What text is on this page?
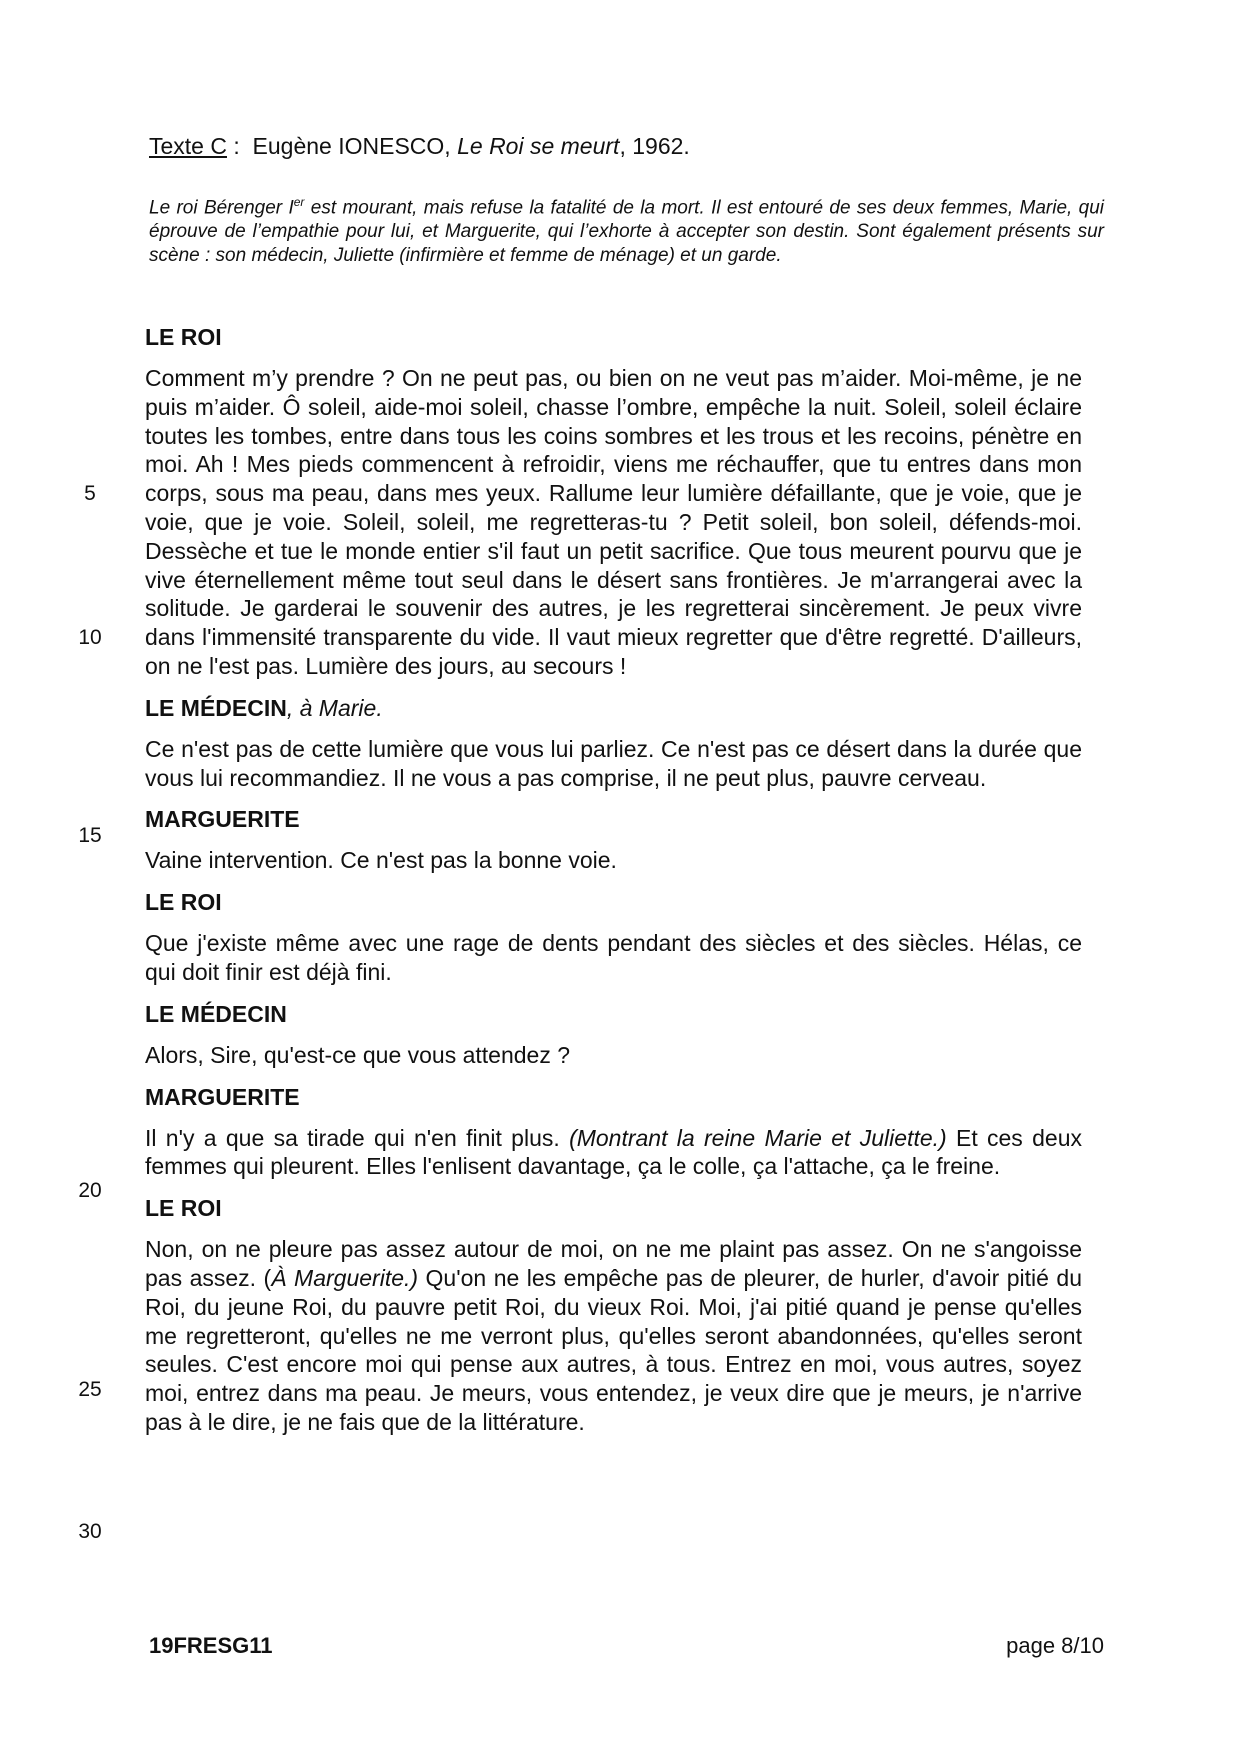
Texte C :  Eugène IONESCO, Le Roi se meurt, 1962.
Le roi Bérenger Ier est mourant, mais refuse la fatalité de la mort. Il est entouré de ses deux femmes, Marie, qui éprouve de l’empathie pour lui, et Marguerite, qui l’exhorte à accepter son destin. Sont également présents sur scène : son médecin, Juliette (infirmière et femme de ménage) et un garde.
LE ROI
Comment m’y prendre ? On ne peut pas, ou bien on ne veut pas m’aider. Moi-même, je ne puis m’aider. Ô soleil, aide-moi soleil, chasse l’ombre, empêche la nuit. Soleil, soleil éclaire toutes les tombes, entre dans tous les coins sombres et les trous et les recoins, pénètre en moi. Ah ! Mes pieds commencent à refroidir, viens me réchauffer, que tu entres dans mon corps, sous ma peau, dans mes yeux. Rallume leur lumière défaillante, que je voie, que je voie, que je voie. Soleil, soleil, me regretteras-tu ? Petit soleil, bon soleil, défends-moi. Dessèche et tue le monde entier s'il faut un petit sacrifice. Que tous meurent pourvu que je vive éternellement même tout seul dans le désert sans frontières. Je m'arrangerai avec la solitude. Je garderai le souvenir des autres, je les regretterai sincèrement. Je peux vivre dans l'immensité transparente du vide. Il vaut mieux regretter que d'être regretté. D'ailleurs, on ne l'est pas. Lumière des jours, au secours !
LE MÉDECIN, à Marie.
Ce n'est pas de cette lumière que vous lui parliez. Ce n'est pas ce désert dans la durée que vous lui recommandiez. Il ne vous a pas comprise, il ne peut plus, pauvre cerveau.
MARGUERITE
Vaine intervention. Ce n'est pas la bonne voie.
LE ROI
Que j'existe même avec une rage de dents pendant des siècles et des siècles. Hélas, ce qui doit finir est déjà fini.
LE MÉDECIN
Alors, Sire, qu'est-ce que vous attendez ?
MARGUERITE
Il n'y a que sa tirade qui n'en finit plus. (Montrant la reine Marie et Juliette.) Et ces deux femmes qui pleurent. Elles l'enlisent davantage, ça le colle, ça l'attache, ça le freine.
LE ROI
Non, on ne pleure pas assez autour de moi, on ne me plaint pas assez. On ne s'angoisse pas assez. (À Marguerite.) Qu'on ne les empêche pas de pleurer, de hurler, d'avoir pitié du Roi, du jeune Roi, du pauvre petit Roi, du vieux Roi. Moi, j'ai pitié quand je pense qu'elles me regretteront, qu'elles ne me verront plus, qu'elles seront abandonnées, qu'elles seront seules. C'est encore moi qui pense aux autres, à tous. Entrez en moi, vous autres, soyez moi, entrez dans ma peau. Je meurs, vous entendez, je veux dire que je meurs, je n'arrive pas à le dire, je ne fais que de la littérature.
5
10
15
20
25
30
19FRESG11	page 8/10
